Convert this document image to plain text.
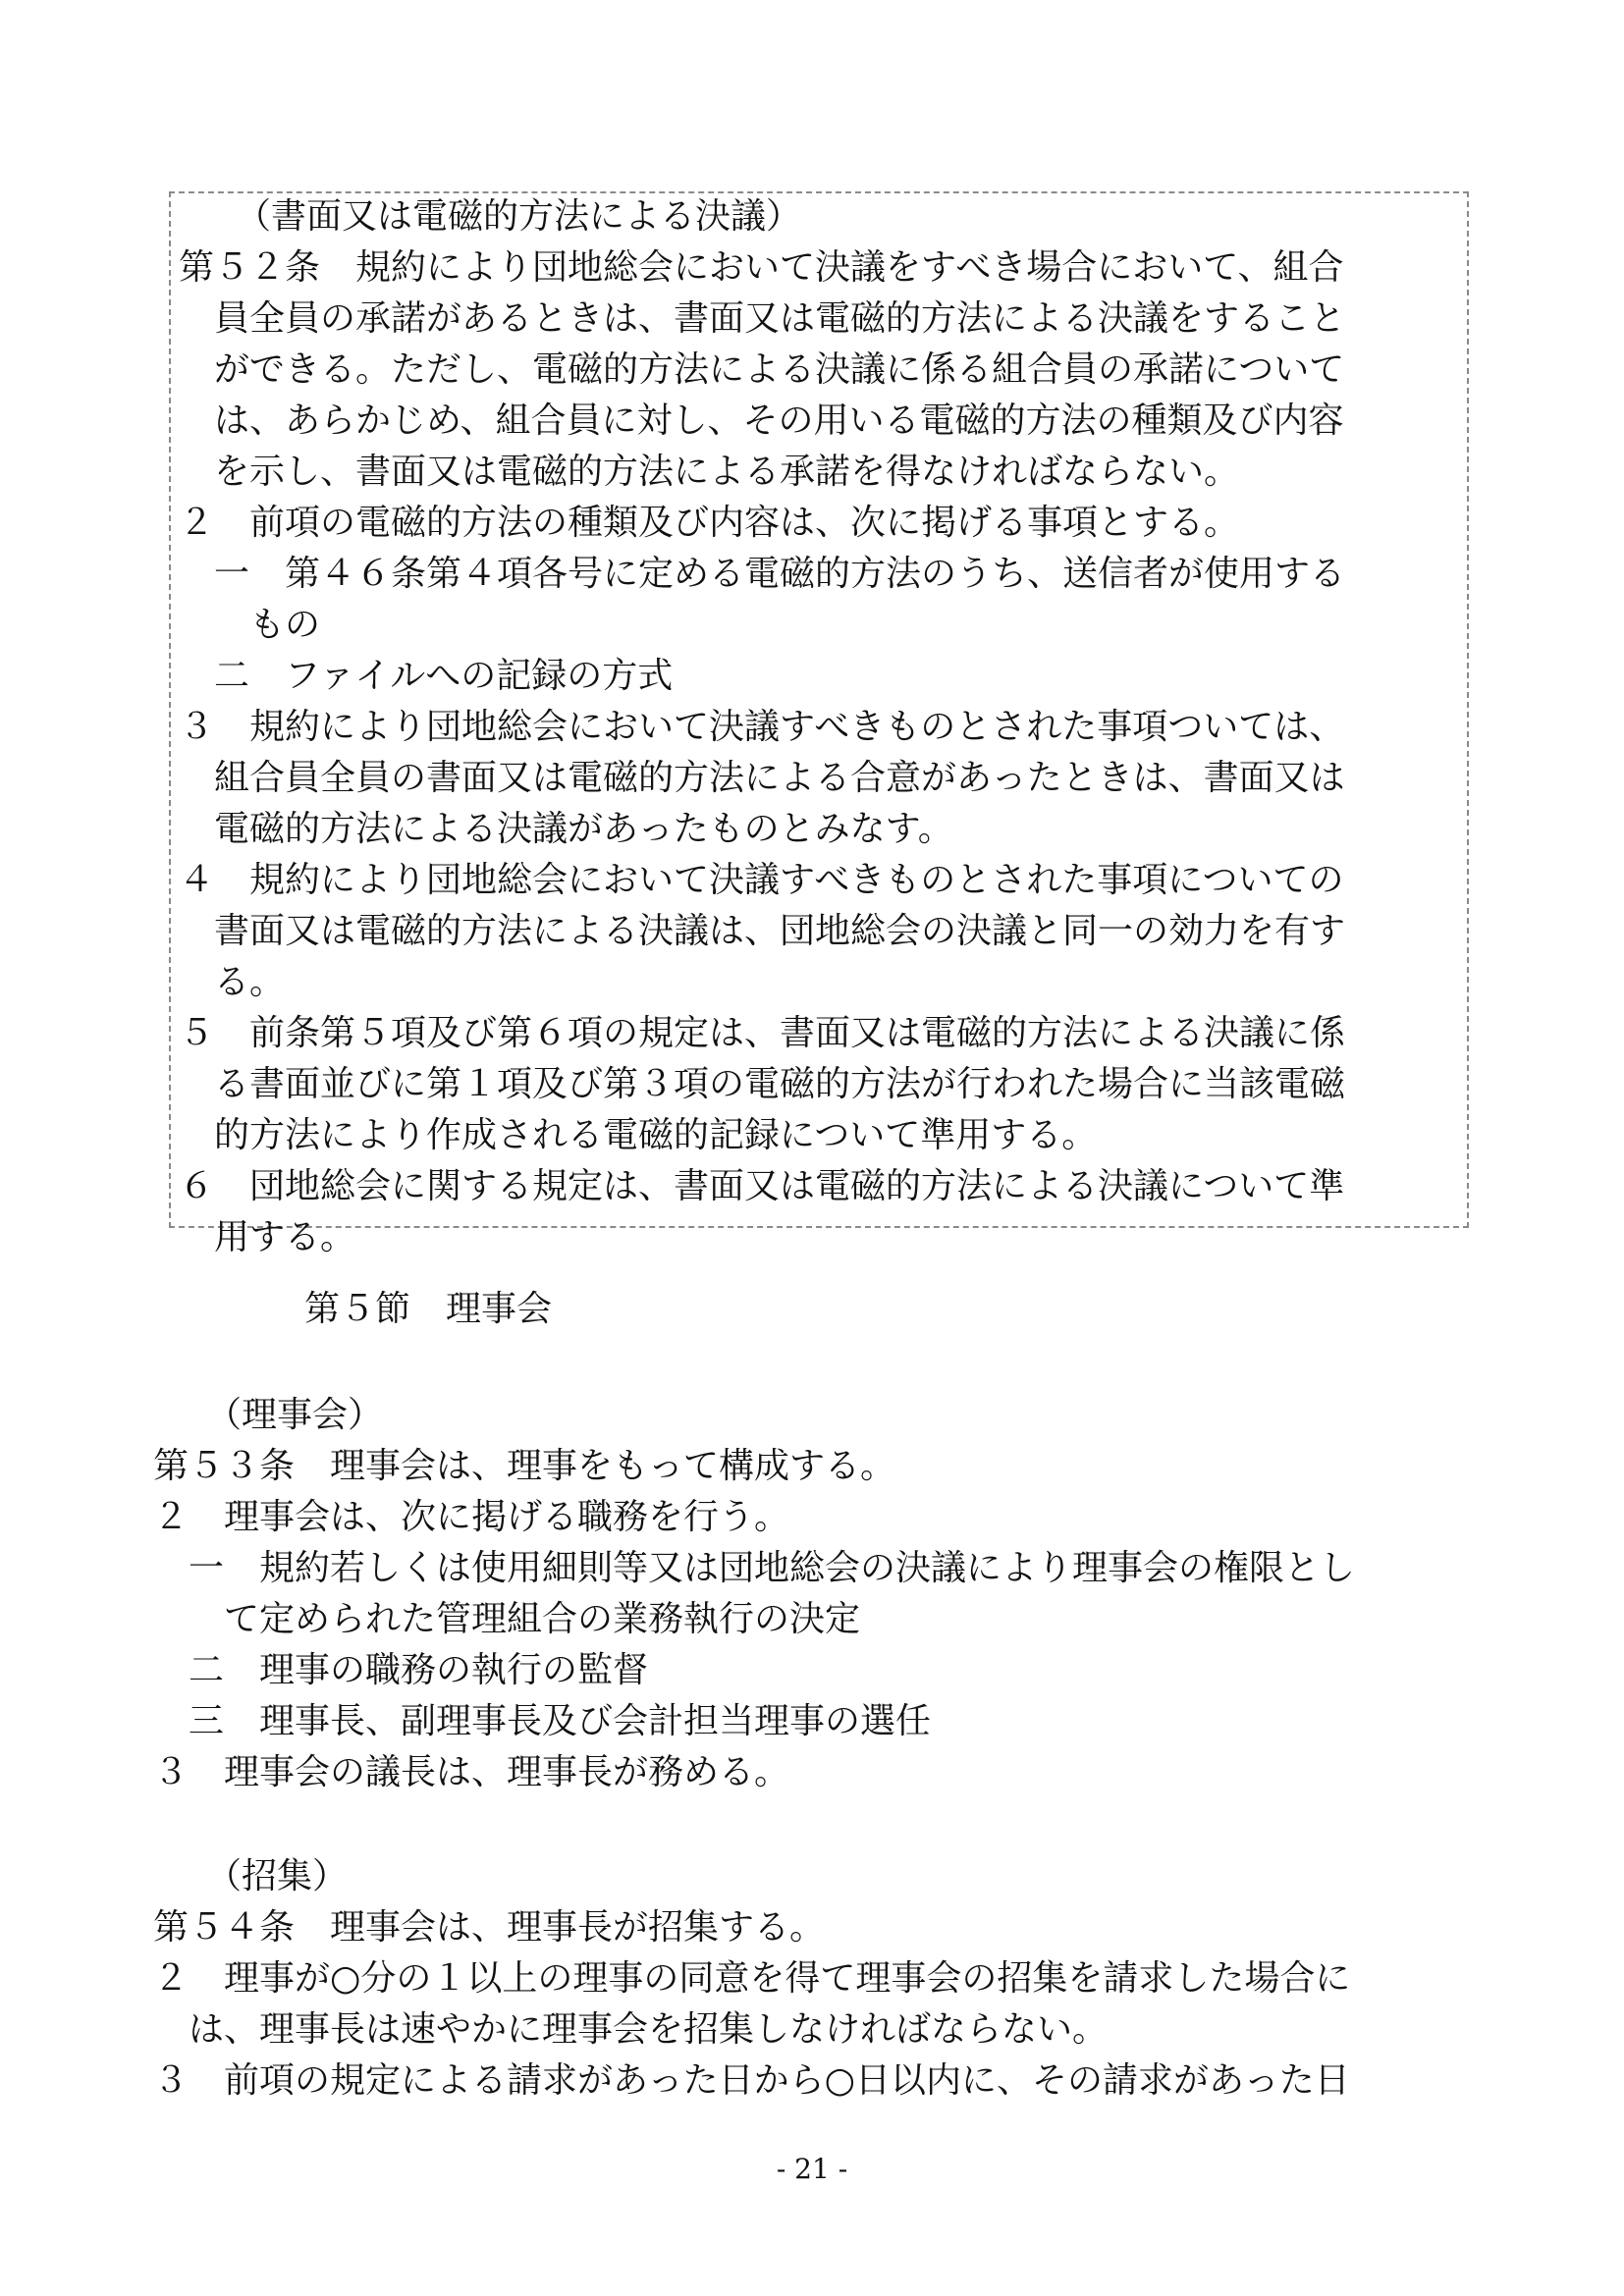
（書面又は電磁的方法による決議）
第５２条　規約により団地総会において決議をすべき場合において、組合
員全員の承諾があるときは、書面又は電磁的方法による決議をすること
ができる。ただし、電磁的方法による決議に係る組合員の承諾について
は、あらかじめ、組合員に対し、その用いる電磁的方法の種類及び内容
を示し、書面又は電磁的方法による承諾を得なければならない。
２　前項の電磁的方法の種類及び内容は、次に掲げる事項とする。
一　第４６条第４項各号に定める電磁的方法のうち、送信者が使用する
もの
二　ファイルへの記録の方式
３　規約により団地総会において決議すべきものとされた事項ついては、
組合員全員の書面又は電磁的方法による合意があったときは、書面又は
電磁的方法による決議があったものとみなす。
４　規約により団地総会において決議すべきものとされた事項についての
書面又は電磁的方法による決議は、団地総会の決議と同一の効力を有す
る。
５　前条第５項及び第６項の規定は、書面又は電磁的方法による決議に係
る書面並びに第１項及び第３項の電磁的方法が行われた場合に当該電磁
的方法により作成される電磁的記録について準用する。
６　団地総会に関する規定は、書面又は電磁的方法による決議について準
用する。
第５節　理事会
（理事会）
第５３条　理事会は、理事をもって構成する。
２　理事会は、次に掲げる職務を行う。
一　規約若しくは使用細則等又は団地総会の決議により理事会の権限とし
て定められた管理組合の業務執行の決定
二　理事の職務の執行の監督
三　理事長、副理事長及び会計担当理事の選任
３　理事会の議長は、理事長が務める。
（招集）
第５４条　理事会は、理事長が招集する。
２　理事が○分の１以上の理事の同意を得て理事会の招集を請求した場合に
は、理事長は速やかに理事会を招集しなければならない。
３　前項の規定による請求があった日から○日以内に、その請求があった日
- 21 -
